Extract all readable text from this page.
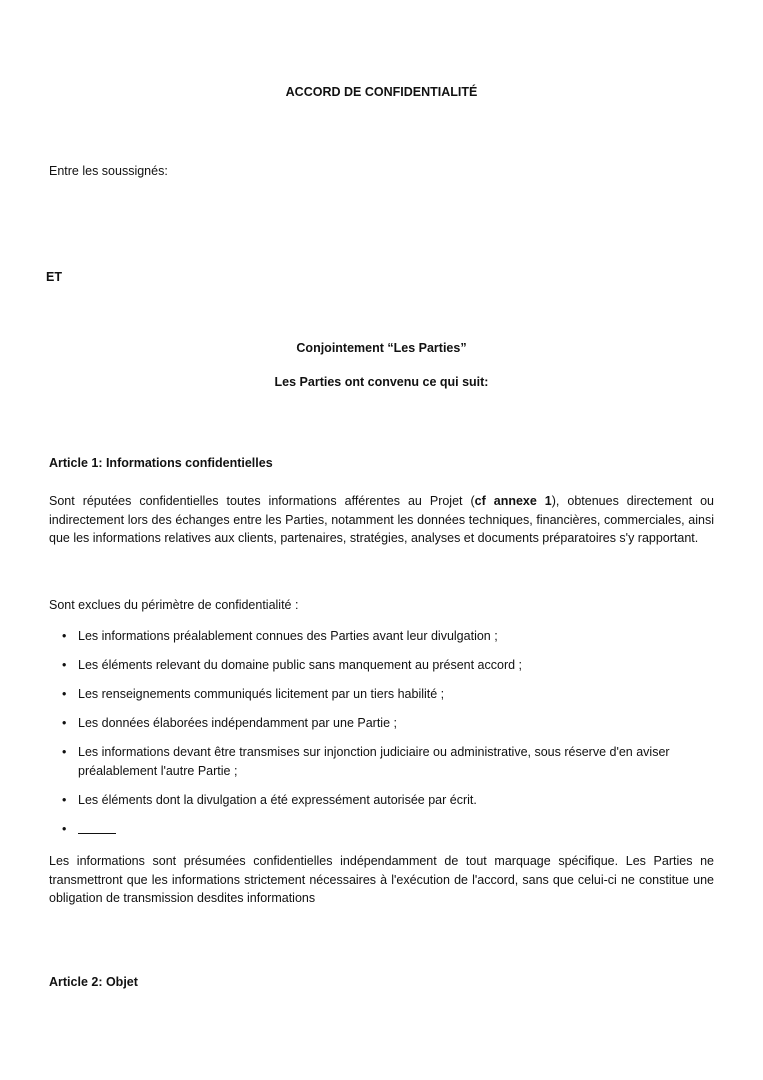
ACCORD DE CONFIDENTIALITÉ
Entre les soussignés:
ET
Conjointement “Les Parties”
Les Parties ont convenu ce qui suit:
Article 1: Informations confidentielles
Sont réputées confidentielles toutes informations afférentes au Projet (cf annexe 1), obtenues directement ou indirectement lors des échanges entre les Parties, notamment les données techniques, financières, commerciales, ainsi que les informations relatives aux clients, partenaires, stratégies, analyses et documents préparatoires s'y rapportant.
Sont exclues du périmètre de confidentialité :
• Les informations préalablement connues des Parties avant leur divulgation ;
• Les éléments relevant du domaine public sans manquement au présent accord ;
• Les renseignements communiqués licitement par un tiers habilité ;
• Les données élaborées indépendamment par une Partie ;
• Les informations devant être transmises sur injonction judiciaire ou administrative, sous réserve d'en aviser préalablement l'autre Partie ;
• Les éléments dont la divulgation a été expressément autorisée par écrit.
•
Les informations sont présumées confidentielles indépendamment de tout marquage spécifique. Les Parties ne transmettront que les informations strictement nécessaires à l'exécution de l'accord, sans que celui-ci ne constitue une obligation de transmission desdites informations
Article 2: Objet
